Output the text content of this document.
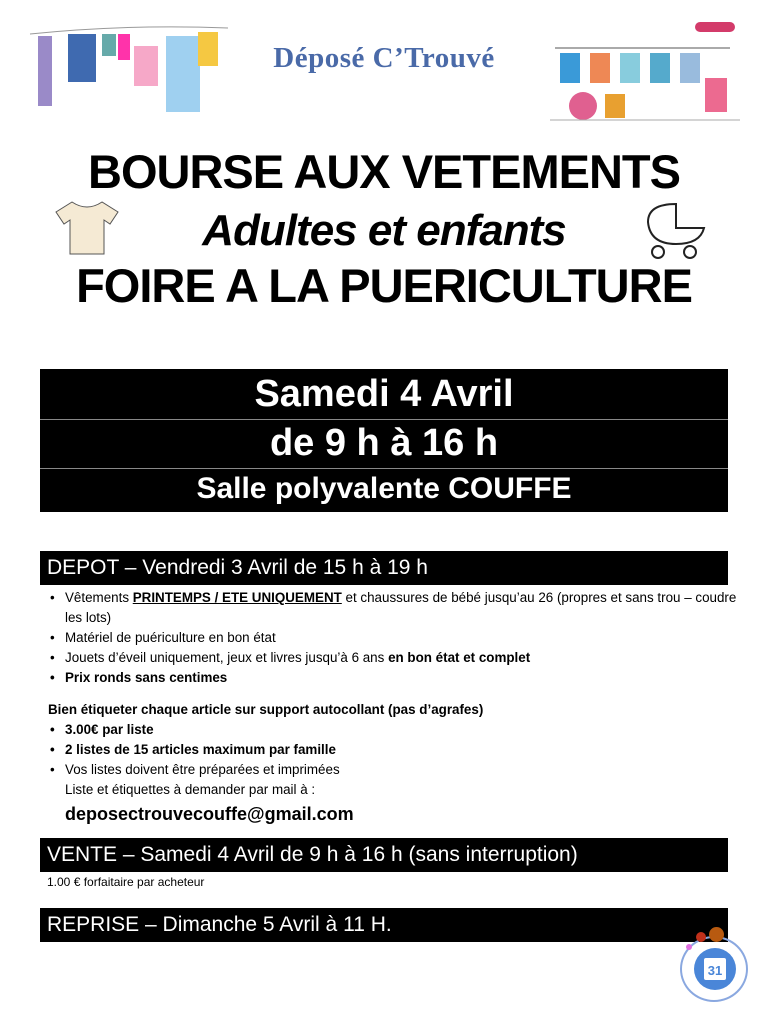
Déposé C’Trouvé
BOURSE AUX VETEMENTS
Adultes et enfants
FOIRE A LA PUERICULTURE
Samedi 4 Avril
de 9 h à 16 h
Salle polyvalente COUFFE
DEPOT – Vendredi 3 Avril de 15 h à 19 h
• Vêtements PRINTEMPS / ETE UNIQUEMENT et chaussures de bébé jusqu’au 26 (propres et sans trou – coudre les lots)
• Matériel de puériculture en bon état
• Jouets d’éveil uniquement, jeux et livres jusqu’à 6 ans en bon état et complet
• Prix ronds sans centimes
Bien étiqueter chaque article sur support autocollant (pas d’agrafes)
• 3.00€ par liste
• 2 listes de 15 articles maximum par famille
• Vos listes doivent être préparées et imprimées
Liste et étiquettes à demander par mail à :
deposectrouvecouffe@gmail.com
VENTE – Samedi 4 Avril de 9 h à 16 h (sans interruption)
1.00 € forfaitaire par acheteur
REPRISE – Dimanche 5 Avril à 11 H.
31
